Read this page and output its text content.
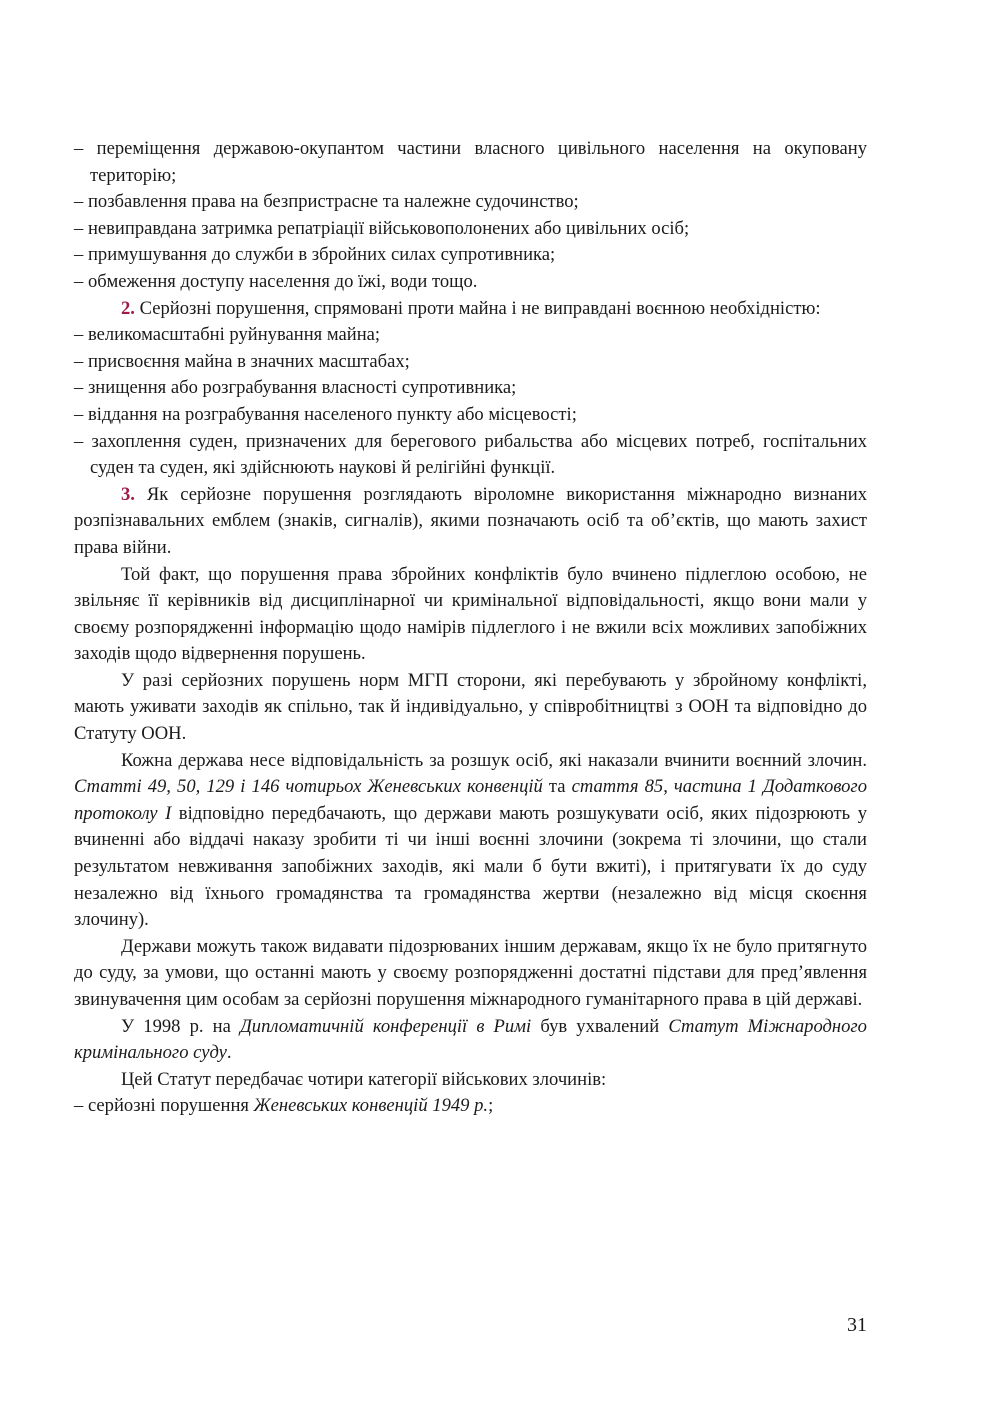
– переміщення державою-окупантом частини власного цивільного населення на окуповану територію;

– позбавлення права на безпристрасне та належне судочинство;

– невиправдана затримка репатріації військовополонених або цивільних осіб;

– примушування до служби в збройних силах супротивника;

– обмеження доступу населення до їжі, води тощо.

2. Серйозні порушення, спрямовані проти майна і не виправдані воєнною необхідністю:

– великомасштабні руйнування майна;

– присвоєння майна в значних масштабах;

– знищення або розграбування власності супротивника;

– віддання на розграбування населеного пункту або місцевості;

– захоплення суден, призначених для берегового рибальства або місцевих потреб, госпітальних суден та суден, які здійснюють наукові й релігійні функції.

3. Як серйозне порушення розглядають віроломне використання міжнародно визнаних розпізнавальних емблем (знаків, сигналів), якими позначають осіб та об’єктів, що мають захист права війни.

Той факт, що порушення права збройних конфліктів було вчинено підлеглою особою, не звільняє її керівників від дисциплінарної чи кримінальної відповідальності, якщо вони мали у своєму розпорядженні інформацію щодо намірів підлеглого і не вжили всіх можливих запобіжних заходів щодо відвернення порушень.

У разі серйозних порушень норм МГП сторони, які перебувають у збройному конфлікті, мають уживати заходів як спільно, так й індивідуально, у співробітництві з ООН та відповідно до Статуту ООН.

Кожна держава несе відповідальність за розшук осіб, які наказали вчинити воєнний злочин. Статті 49, 50, 129 і 146 чотирьох Женевських конвенцій та стаття 85, частина 1 Додаткового протоколу I відповідно передбачають, що держави мають розшукувати осіб, яких підозрюють у вчиненні або віддачі наказу зробити ті чи інші воєнні злочини (зокрема ті злочини, що стали результатом невживання запобіжних заходів, які мали б бути вжиті), і притягувати їх до суду незалежно від їхнього громадянства та громадянства жертви (незалежно від місця скоєння злочину).

Держави можуть також видавати підозрюваних іншим державам, якщо їх не було притягнуто до суду, за умови, що останні мають у своєму розпорядженні достатні підстави для пред’явлення звинувачення цим особам за серйозні порушення міжнародного гуманітарного права в цій державі.

У 1998 р. на Дипломатичній конференції в Римі був ухвалений Статут Міжнародного кримінального суду.

Цей Статут передбачає чотири категорії військових злочинів:

– серйозні порушення Женевських конвенцій 1949 р.;

31
